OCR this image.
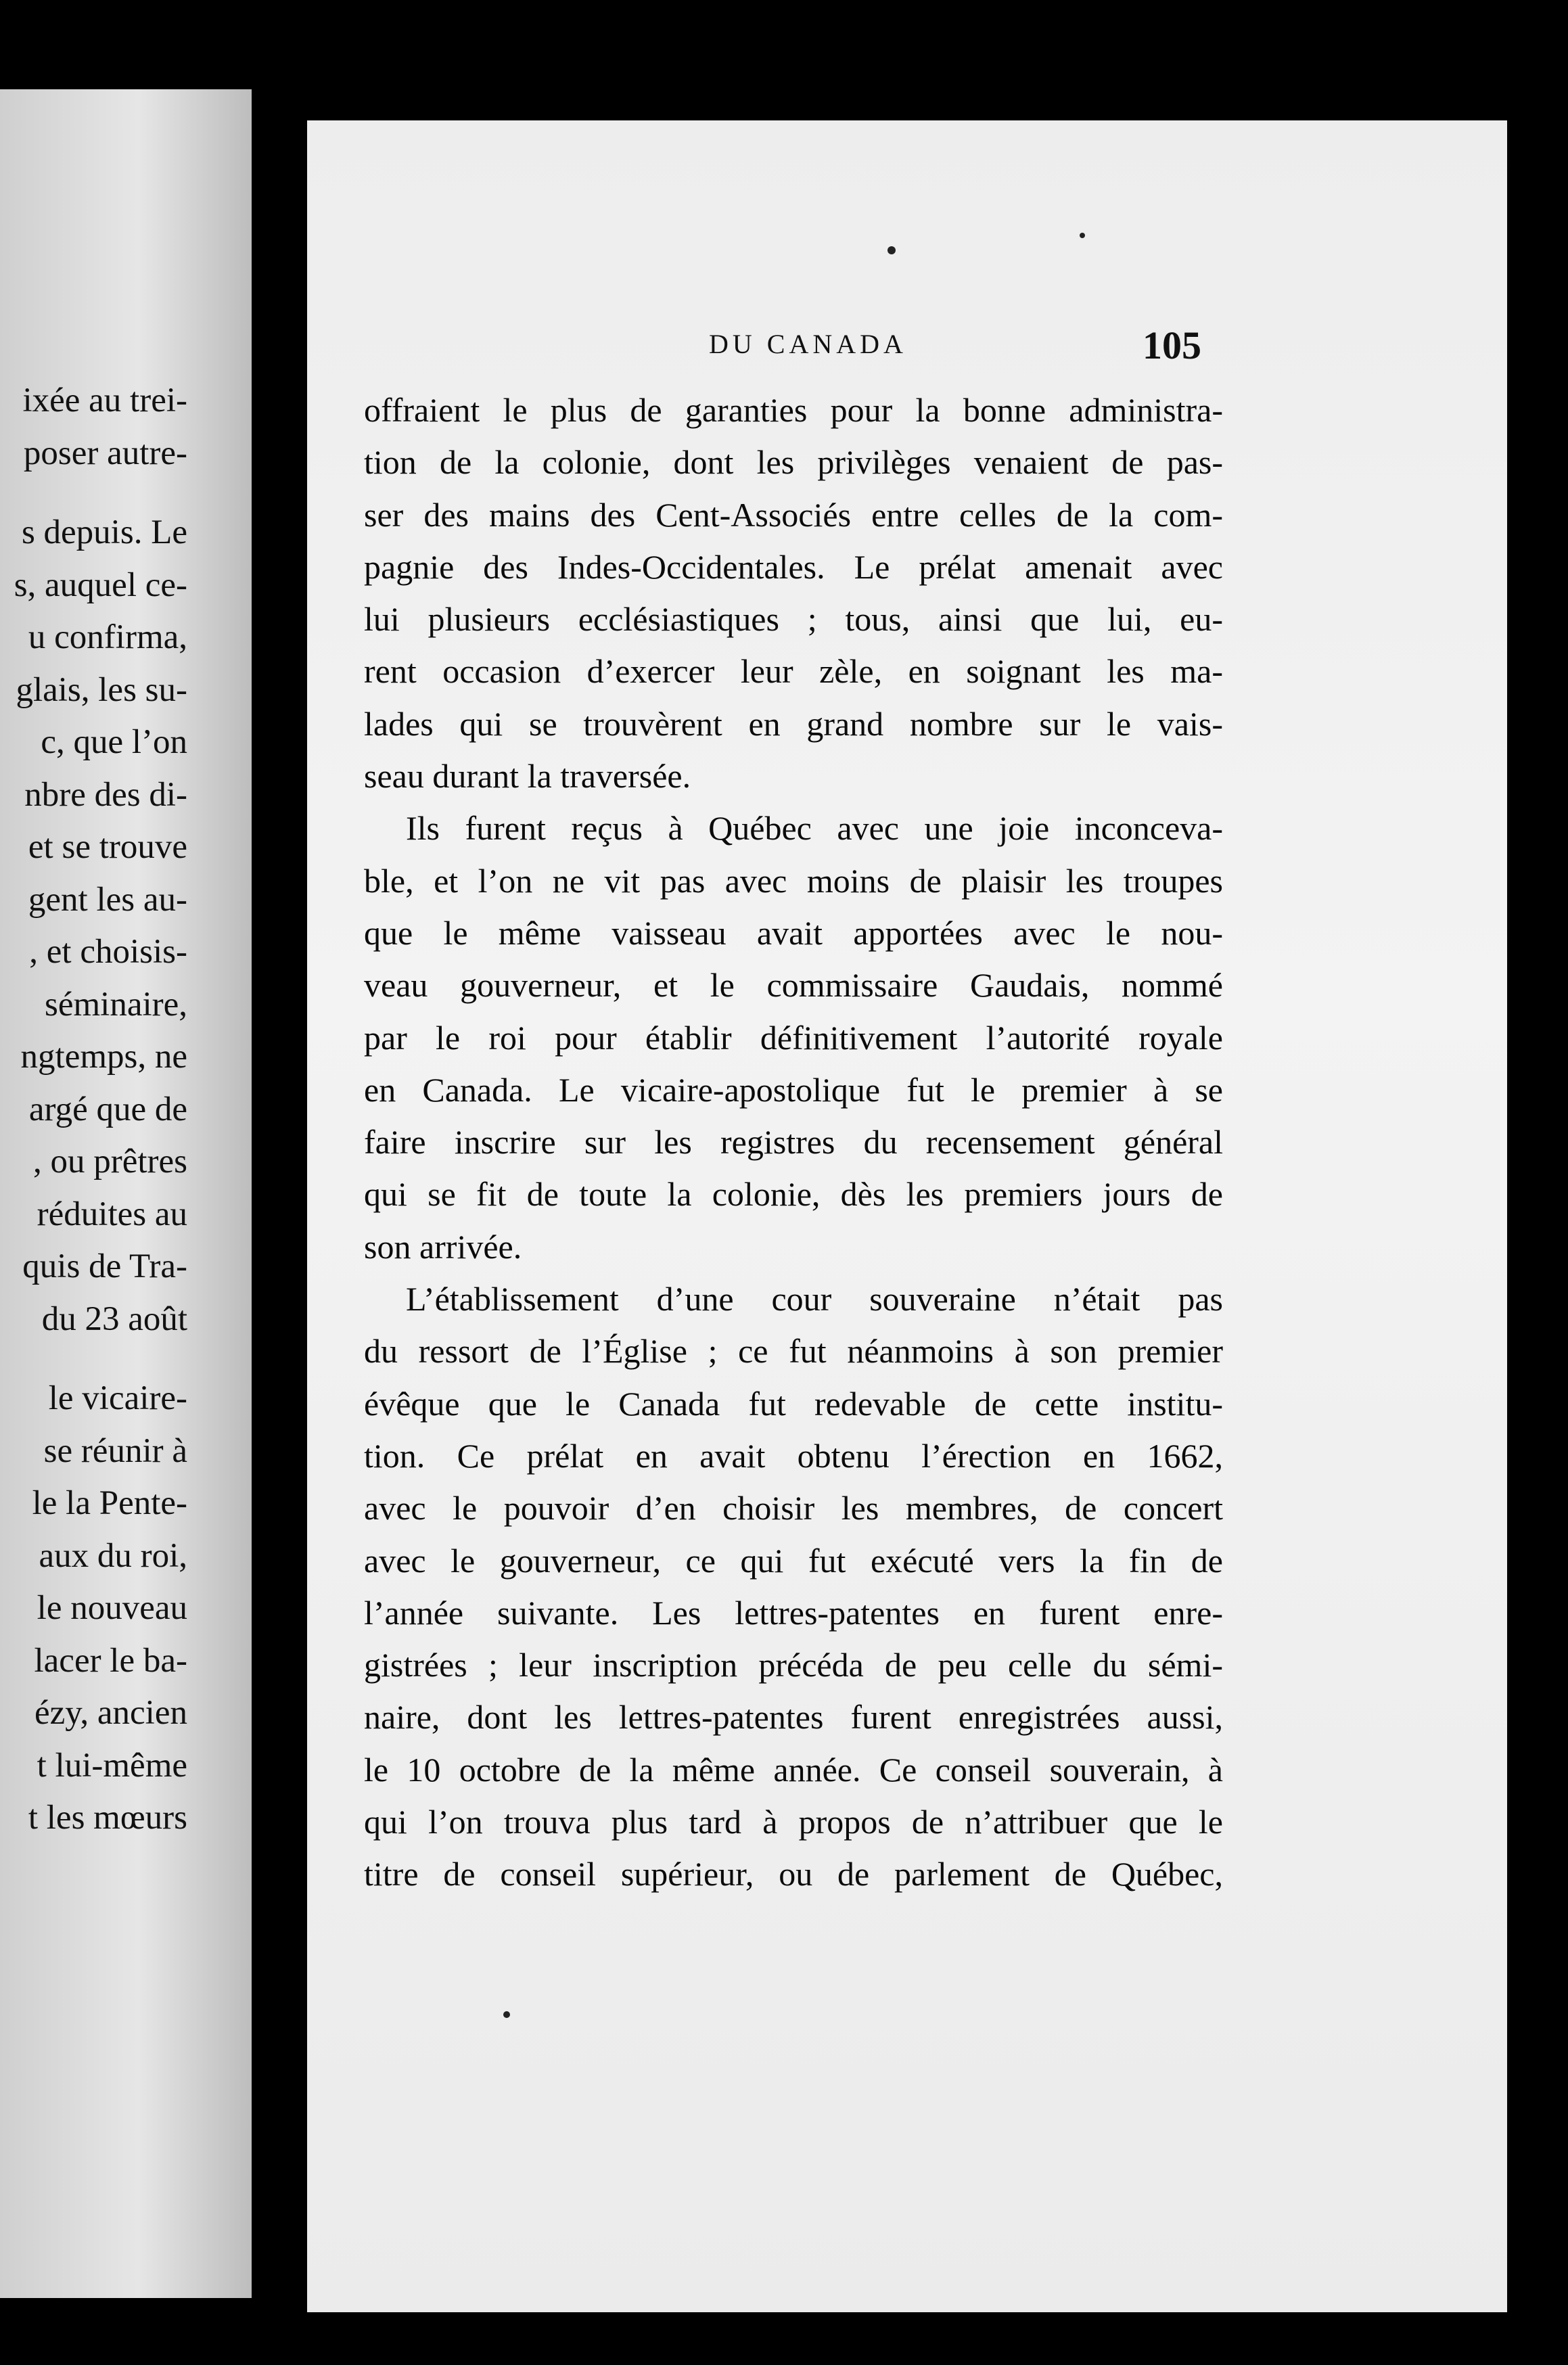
ixée au trei-
poser autre-
s depuis. Le
s, auquel ce-
u confirma,
glais, les su-
c, que l’on
nbre des di-
et se trouve
gent les au-
, et choisis-
séminaire,
ngtemps, ne
argé que de
, ou prêtres
réduites au
quis de Tra-
du 23 août
le vicaire-
se réunir à
le la Pente-
aux du roi,
le nouveau
lacer le ba-
ézy, ancien
t lui-même
t les mœurs
DU CANADA	105
offraient le plus de garanties pour la bonne administra-
tion de la colonie, dont les privilèges venaient de pas-
ser des mains des Cent-Associés entre celles de la com-
pagnie des Indes-Occidentales. Le prélat amenait avec
lui plusieurs ecclésiastiques ; tous, ainsi que lui, eu-
rent occasion d’exercer leur zèle, en soignant les ma-
lades qui se trouvèrent en grand nombre sur le vais-
seau durant la traversée.
Ils furent reçus à Québec avec une joie inconceva-
ble, et l’on ne vit pas avec moins de plaisir les troupes
que le même vaisseau avait apportées avec le nou-
veau gouverneur, et le commissaire Gaudais, nommé
par le roi pour établir définitivement l’autorité royale
en Canada. Le vicaire-apostolique fut le premier à se
faire inscrire sur les registres du recensement général
qui se fit de toute la colonie, dès les premiers jours de
son arrivée.
L’établissement d’une cour souveraine n’était pas
du ressort de l’Église ; ce fut néanmoins à son premier
évêque que le Canada fut redevable de cette institu-
tion. Ce prélat en avait obtenu l’érection en 1662,
avec le pouvoir d’en choisir les membres, de concert
avec le gouverneur, ce qui fut exécuté vers la fin de
l’année suivante. Les lettres-patentes en furent enre-
gistrées ; leur inscription précéda de peu celle du sémi-
naire, dont les lettres-patentes furent enregistrées aussi,
le 10 octobre de la même année. Ce conseil souverain, à
qui l’on trouva plus tard à propos de n’attribuer que le
titre de conseil supérieur, ou de parlement de Québec,
